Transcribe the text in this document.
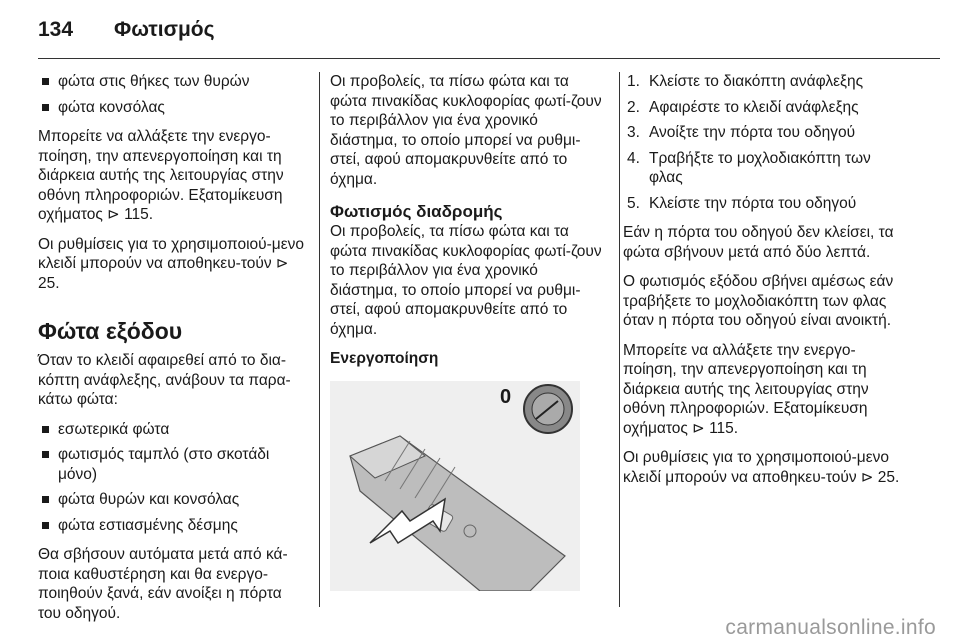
134	Φωτισμός
φώτα στις θήκες των θυρών
φώτα κονσόλας

Μπορείτε να αλλάξετε την ενεργο-ποίηση, την απενεργοποίηση και τη διάρκεια αυτής της λειτουργίας στην οθόνη πληροφοριών. Εξατομίκευση οχήματος ⊳ 115.

Οι ρυθμίσεις για το χρησιμοποιού-μενο κλειδί μπορούν να αποθηκευ-τούν ⊳ 25.

Φώτα εξόδου

Όταν το κλειδί αφαιρεθεί από το δια-κόπτη ανάφλεξης, ανάβουν τα παρα-κάτω φώτα:

εσωτερικά φώτα
φωτισμός ταμπλό (στο σκοτάδι μόνο)
φώτα θυρών και κονσόλας
φώτα εστιασμένης δέσμης

Θα σβήσουν αυτόματα μετά από κά-ποια καθυστέρηση και θα ενεργο-ποιηθούν ξανά, εάν ανοίξει η πόρτα του οδηγού.

Οι προβολείς, τα πίσω φώτα και τα φώτα πινακίδας κυκλοφορίας φωτί-ζουν το περιβάλλον για ένα χρονικό διάστημα, το οποίο μπορεί να ρυθμι-στεί, αφού απομακρυνθείτε από το όχημα.

Φωτισμός διαδρομής

Οι προβολείς, τα πίσω φώτα και τα φώτα πινακίδας κυκλοφορίας φωτί-ζουν το περιβάλλον για ένα χρονικό διάστημα, το οποίο μπορεί να ρυθμι-στεί, αφού απομακρυνθείτε από το όχημα.

Ενεργοποίηση
0
1. Κλείστε το διακόπτη ανάφλεξης
2. Αφαιρέστε το κλειδί ανάφλεξης
3. Ανοίξτε την πόρτα του οδηγού
4. Τραβήξτε το μοχλοδιακόπτη των φλας
5. Κλείστε την πόρτα του οδηγού

Εάν η πόρτα του οδηγού δεν κλείσει, τα φώτα σβήνουν μετά από δύο λεπτά.

Ο φωτισμός εξόδου σβήνει αμέσως εάν τραβήξετε το μοχλοδιακόπτη των φλας όταν η πόρτα του οδηγού είναι ανοικτή.

Μπορείτε να αλλάξετε την ενεργο-ποίηση, την απενεργοποίηση και τη διάρκεια αυτής της λειτουργίας στην οθόνη πληροφοριών. Εξατομίκευση οχήματος ⊳ 115.

Οι ρυθμίσεις για το χρησιμοποιού-μενο κλειδί μπορούν να αποθηκευ-τούν ⊳ 25.

carmanualsonline.info
